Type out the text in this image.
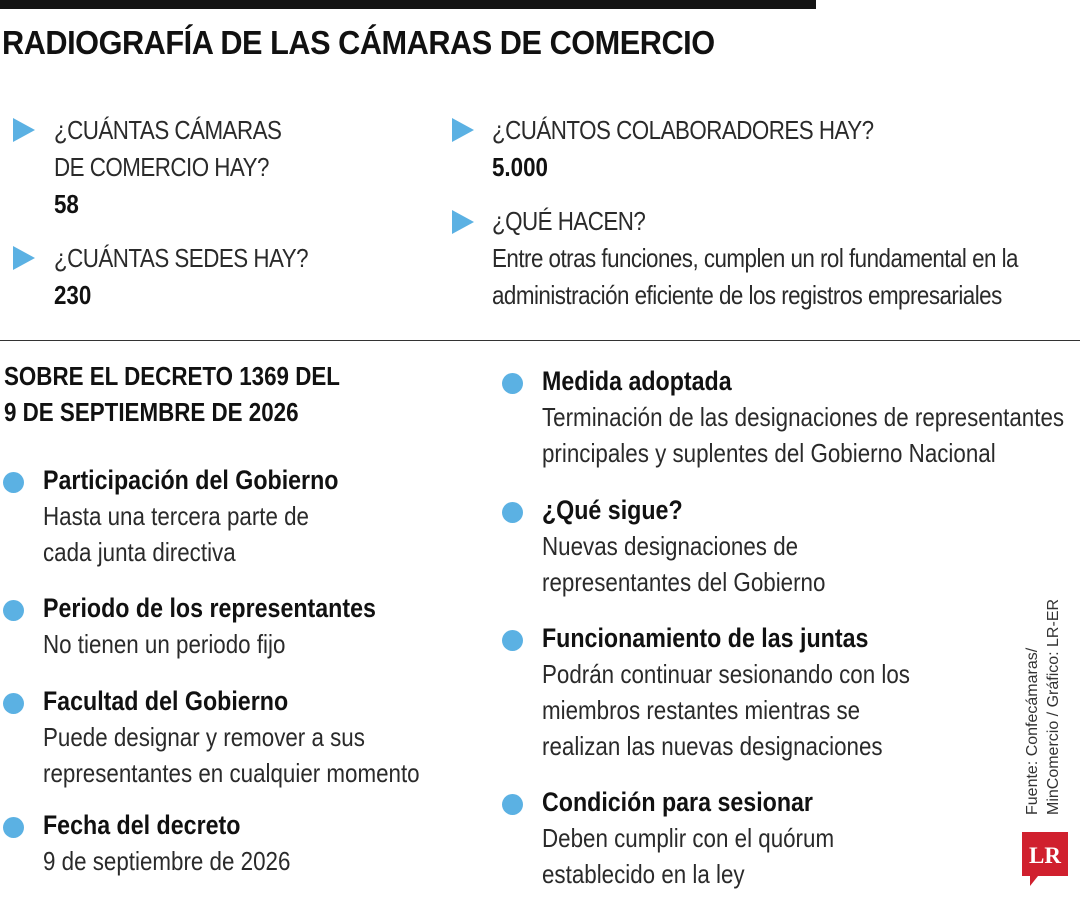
RADIOGRAFÍA DE LAS CÁMARAS DE COMERCIO
¿CUÁNTAS CÁMARAS
DE COMERCIO HAY?
58
¿CUÁNTAS SEDES HAY?
230
¿CUÁNTOS COLABORADORES HAY?
5.000
¿QUÉ HACEN?
Entre otras funciones, cumplen un rol fundamental en la
administración eficiente de los registros empresariales
SOBRE EL DECRETO 1369 DEL
9 DE SEPTIEMBRE DE 2026
Participación del Gobierno
Hasta una tercera parte de
cada junta directiva
Periodo de los representantes
No tienen un periodo fijo
Facultad del Gobierno
Puede designar y remover a sus
representantes en cualquier momento
Fecha del decreto
9 de septiembre de 2026
Medida adoptada
Terminación de las designaciones de representantes
principales y suplentes del Gobierno Nacional
¿Qué sigue?
Nuevas designaciones de
representantes del Gobierno
Funcionamiento de las juntas
Podrán continuar sesionando con los
miembros restantes mientras se
realizan las nuevas designaciones
Condición para sesionar
Deben cumplir con el quórum
establecido en la ley
Fuente: Confecámaras/ MinComercio / Gráfico: LR-ER
LR
